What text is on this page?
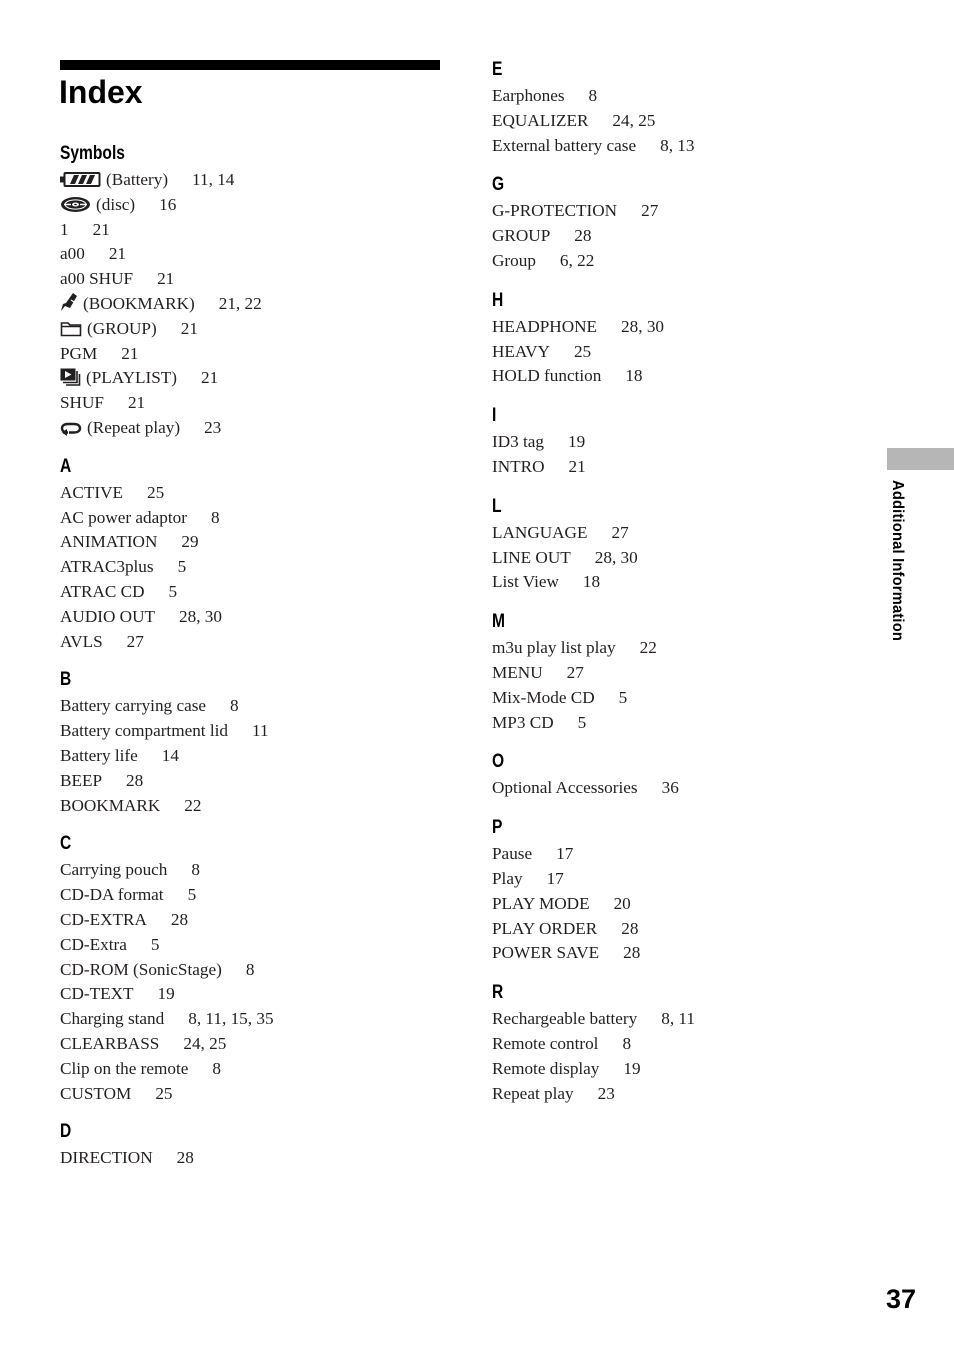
Index
Symbols
(Battery) 11, 14
(disc) 16
1 21
a00 21
a00 SHUF 21
(BOOKMARK) 21, 22
(GROUP) 21
PGM 21
(PLAYLIST) 21
SHUF 21
(Repeat play) 23
A
ACTIVE 25
AC power adaptor 8
ANIMATION 29
ATRAC3plus 5
ATRAC CD 5
AUDIO OUT 28, 30
AVLS 27
B
Battery carrying case 8
Battery compartment lid 11
Battery life 14
BEEP 28
BOOKMARK 22
C
Carrying pouch 8
CD-DA format 5
CD-EXTRA 28
CD-Extra 5
CD-ROM (SonicStage) 8
CD-TEXT 19
Charging stand 8, 11, 15, 35
CLEARBASS 24, 25
Clip on the remote 8
CUSTOM 25
D
DIRECTION 28
E
Earphones 8
EQUALIZER 24, 25
External battery case 8, 13
G
G-PROTECTION 27
GROUP 28
Group 6, 22
H
HEADPHONE 28, 30
HEAVY 25
HOLD function 18
I
ID3 tag 19
INTRO 21
L
LANGUAGE 27
LINE OUT 28, 30
List View 18
M
m3u play list play 22
MENU 27
Mix-Mode CD 5
MP3 CD 5
O
Optional Accessories 36
P
Pause 17
Play 17
PLAY MODE 20
PLAY ORDER 28
POWER SAVE 28
R
Rechargeable battery 8, 11
Remote control 8
Remote display 19
Repeat play 23
Additional Information
37
